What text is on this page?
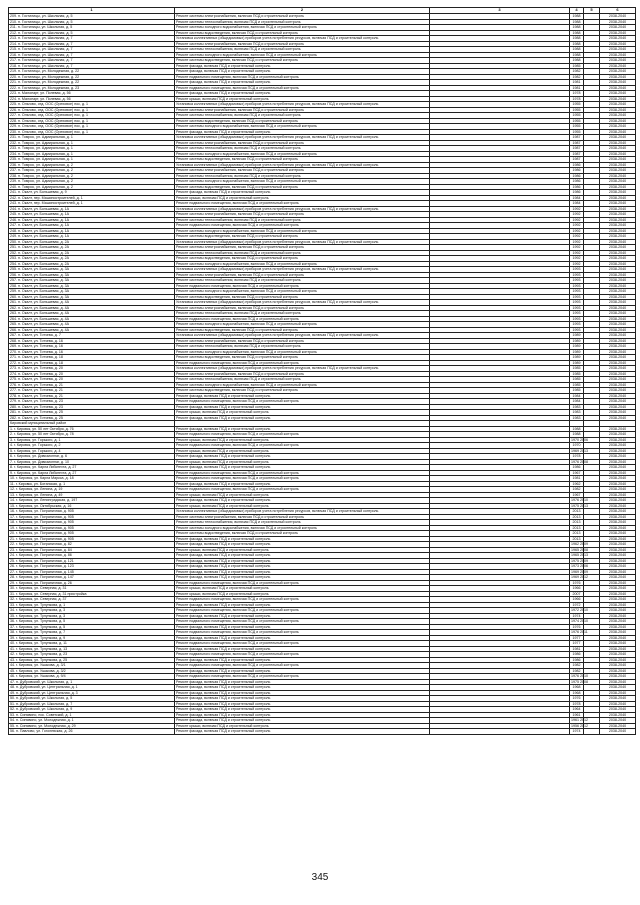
1	2	3	4	5	6
209. п. Гостилицы, ул. Школьная, д. 5	Ремонт системы электроснабжения, включая ПСД и строительный контроль		1988		2038-2040
210. п. Гостилицы, ул. Школьная, д. 5	Ремонт системы теплоснабжения, включая ПСД и строительный контроль		1988		2038-2040
211. п. Гостилицы, ул. Школьная, д. 5	Ремонт системы холодного водоснабжения, включая ПСД и строительный контроль		1988		2038-2040
212. п. Гостилицы, ул. Школьная, д. 5	Ремонт системы водоотведения, включая ПСД и строительный контроль		1988		2038-2040
213. п. Гостилицы, ул. Школьная, д. 7	Установка коллективных (общедомовых) приборов учета потребления ресурсов, включая ПСД и строительный контроль		1988		2038-2040
214. п. Гостилицы, ул. Школьная, д. 7	Ремонт системы электроснабжения, включая ПСД и строительный контроль		1988		2038-2040
215. п. Гостилицы, ул. Школьная, д. 7	Ремонт системы теплоснабжения, включая ПСД и строительный контроль		1988		2038-2040
216. п. Гостилицы, ул. Школьная, д. 7	Ремонт системы холодного водоснабжения, включая ПСД и строительный контроль		1988		2038-2040
217. п. Гостилицы, ул. Школьная, д. 7	Ремонт системы водоотведения, включая ПСД и строительный контроль		1988		2038-2040
218. п. Гостилицы, ул. Школьная, д. 7	Ремонт фасада, включая ПСД и строительный контроль		1985		2038-2040
219. п. Гостилицы, ул. Молодежная, д. 22	Ремонт фасада, включая ПСД и строительный контроль		1982		2038-2040
220. п. Гостилицы, ул. Молодежная, д. 22	Ремонт подвального помещения, включая ПСД и строительный контроль		1982		2038-2040
221. п. Гостилицы, ул. Молодежная, д. 22	Ремонт фасада, включая ПСД и строительный контроль		1981		2038-2040
222. п. Гостилицы, ул. Молодежная, д. 23	Ремонт подвального помещения, включая ПСД и строительный контроль		1981		2038-2040
223. п. Малоеарт, ул. Полевая, д. 56	Ремонт фасада, включая ПСД и строительный контроль		1978		2038-2040
224. п. Малоеарт, ул. Полевая, д. 56	Ремонт крыши, включая ПСД и строительный контроль		1978		2038-2040
225. п. Ольгово, отд. ООС (Ореховое) пос, д. 1	Установка коллективных (общедомовых) приборов учета потребления ресурсов, включая ПСД и строительный контроль		1955		2038-2040
226. п. Ольгово, отд. ООС (Ореховое) пос, д. 1	Ремонт системы электроснабжения, включая ПСД и строительный контроль		1955		2038-2040
227. п. Ольгово, отд. ООС (Ореховое) пос, д. 1	Ремонт системы теплоснабжения, включая ПСД и строительный контроль		1955		2038-2040
228. п. Ольгово, отд. ООС (Ореховое) пос, д. 1	Ремонт системы водоотведения, включая ПСД и строительный контроль		1955		2038-2040
229. п. Ольгово, отд. ООС (Ореховое) пос, д. 1	Ремонт системы холодного водоснабжения, включая ПСД и строительный контроль		1955		2038-2040
230. п. Ольгово, отд. ООС (Ореховое) пос, д. 1	Ремонт фасада, включая ПСД и строительный контроль		1955		2038-2040
231. п. Томрос, ул. Адмиральная, д. 1	Установка коллективных (общедомовых) приборов учета потребления ресурсов, включая ПСД и строительный контроль		1987		2038-2040
232. п. Томрос, ул. Адмиральная, д. 1	Ремонт системы электроснабжения, включая ПСД и строительный контроль		1987		2038-2040
233. п. Томрос, ул. Адмиральная, д. 1	Ремонт системы теплоснабжения, включая ПСД и строительный контроль		1987		2038-2040
234. п. Томрос, ул. Адмиральная, д. 1	Ремонт системы холодного водоснабжения, включая ПСД и строительный контроль		1987		2038-2040
235. п. Томрос, ул. Адмиральная, д. 1	Ремонт системы водоотведения, включая ПСД и строительный контроль		1987		2038-2040
236. п. Томрос, ул. Адмиральная, д. 2	Установка коллективных (общедомовых) приборов учета потребления ресурсов, включая ПСД и строительный контроль		1986		2038-2040
237. п. Томрос, ул. Адмиральная, д. 2	Ремонт системы электроснабжения, включая ПСД и строительный контроль		1986		2038-2040
238. п. Томрос, ул. Адмиральная, д. 2	Ремонт системы теплоснабжения, включая ПСД и строительный контроль		1986		2038-2040
239. п. Томрос, ул. Адмиральная, д. 2	Ремонт системы холодного водоснабжения, включая ПСД и строительный контроль		1986		2038-2040
240. п. Томрос, ул. Адмиральная, д. 2	Ремонт системы водоотведения, включая ПСД и строительный контроль		1986		2038-2040
241. п. Окалт, ул. Большевая, д. 9	Ремонт фасада, включая ПСД и строительный контроль		1986		2038-2040
242. п. Окалт, пер. Машиностроителей, д. 1	Ремонт крыши, включая ПСД и строительный контроль		1984		2038-2040
243. п. Окалт, пер. Машиностроителей, д. 1	Ремонт подвального помещения, включая ПСД и строительный контроль		1984		2038-2040
244. п. Окалт, ул. Большевая, д. 1А	Установка коллективных (общедомовых) приборов учета потребления ресурсов, включая ПСД и строительный контроль		1992		2038-2040
245. п. Окалт, ул. Большевая, д. 1А	Ремонт системы электроснабжения, включая ПСД и строительный контроль		1992		2038-2040
246. п. Окалт, ул. Большевая, д. 1А	Ремонт системы теплоснабжения, включая ПСД и строительный контроль		1992		2038-2040
247. п. Окалт, ул. Большевая, д. 1А	Ремонт подвального помещения, включая ПСД и строительный контроль		1992		2038-2040
248. п. Окалт, ул. Большевая, д. 1А	Ремонт системы холодного водоснабжения, включая ПСД и строительный контроль		1992		2038-2040
249. п. Окалт, ул. Большевая, д. 1А	Ремонт системы водоотведения, включая ПСД и строительный контроль		1992		2038-2040
250. п. Окалт, ул. Большевая, д. 2А	Установка коллективных (общедомовых) приборов учета потребления ресурсов, включая ПСД и строительный контроль		1992		2038-2040
251. п. Окалт, ул. Большевая, д. 2А	Ремонт системы электроснабжения, включая ПСД и строительный контроль		1992		2038-2040
252. п. Окалт, ул. Большевая, д. 2А	Ремонт системы теплоснабжения, включая ПСД и строительный контроль		1992		2038-2040
253. п. Окалт, ул. Большевая, д. 2А	Ремонт системы водоотведения, включая ПСД и строительный контроль		1992		2038-2040
254. п. Окалт, ул. Большевая, д. 2А	Ремонт системы холодного водоснабжения, включая ПСД и строительный контроль		1992		2038-2040
255. п. Окалт, ул. Большевая, д. 3А	Установка коллективных (общедомовых) приборов учета потребления ресурсов, включая ПСД и строительный контроль		1993		2038-2040
256. п. Окалт, ул. Большевая, д. 3А	Ремонт системы электроснабжения, включая ПСД и строительный контроль		1993		2038-2040
257. п. Окалт, ул. Большевая, д. 3А	Ремонт системы теплоснабжения, включая ПСД и строительный контроль		1993		2038-2040
258. п. Окалт, ул. Большевая, д. 3А	Ремонт подвального помещения, включая ПСД и строительный контроль		1993		2038-2040
259. п. Окалт, ул. Большевая, д. 3А	Ремонт системы холодного водоснабжения, включая ПСД и строительный контроль		1993		2038-2040
260. п. Окалт, ул. Большевая, д. 3А	Ремонт системы водоотведения, включая ПСД и строительный контроль		1993		2038-2040
261. п. Окалт, ул. Большевая, д. 4А	Установка коллективных (общедомовых) приборов учета потребления ресурсов, включая ПСД и строительный контроль		1993		2038-2040
262. п. Окалт, ул. Большевая, д. 4А	Ремонт системы электроснабжения, включая ПСД и строительный контроль		1993		2038-2040
263. п. Окалт, ул. Большевая, д. 4А	Ремонт системы теплоснабжения, включая ПСД и строительный контроль		1993		2038-2040
264. п. Окалт, ул. Большевая, д. 4А	Ремонт подвального помещения, включая ПСД и строительный контроль		1993		2038-2040
265. п. Окалт, ул. Большевая, д. 4А	Ремонт системы холодного водоснабжения, включая ПСД и строительный контроль		1993		2038-2040
266. п. Окалт, ул. Большевая, д. 4А	Ремонт системы водоотведения, включая ПСД и строительный контроль		1993		2038-2040
267. п. Окалт, ул. Тотчева, д. 7	Установка коллективных (общедомовых) приборов учета потребления ресурсов, включая ПСД и строительный контроль		1989		2038-2040
268. п. Окалт, ул. Тотчева, д. 16	Ремонт системы электроснабжения, включая ПСД и строительный контроль		1989		2038-2040
269. п. Окалт, ул. Тотчева, д. 16	Ремонт системы теплоснабжения, включая ПСД и строительный контроль		1989		2038-2040
270. п. Окалт, ул. Тотчева, д. 16	Ремонт системы холодного водоснабжения, включая ПСД и строительный контроль		1989		2038-2040
271. п. Окалт, ул. Тотчева, д. 18	Ремонт системы водоотведения, включая ПСД и строительный контроль		1989		2038-2040
272. п. Окалт, ул. Тотчева, д. 18	Ремонт подвального помещения, включая ПСД и строительный контроль		1989		2038-2040
273. п. Окалт, ул. Тотчева, д. 20	Установка коллективных (общедомовых) приборов учета потребления ресурсов, включая ПСД и строительный контроль		1985		2038-2040
274. п. Окалт, ул. Тотчева, д. 20	Ремонт системы электроснабжения, включая ПСД и строительный контроль		1985		2038-2040
275. п. Окалт, ул. Тотчева, д. 20	Ремонт системы теплоснабжения, включая ПСД и строительный контроль		1985		2038-2040
276. п. Окалт, ул. Тотчева, д. 21	Ремонт системы холодного водоснабжения, включая ПСД и строительный контроль		1985		2038-2040
277. п. Окалт, ул. Тотчева, д. 21	Ремонт системы водоотведения, включая ПСД и строительный контроль		1985		2038-2040
278. п. Окалт, ул. Тотчева, д. 21	Ремонт фасада, включая ПСД и строительный контроль		1984		2038-2040
279. п. Окалт, ул. Тотчева, д. 23	Ремонт подвального помещения, включая ПСД и строительный контроль		1984		2038-2040
280. п. Окалт, ул. Тотчева, д. 23	Ремонт фасада, включая ПСД и строительный контроль		1983		2038-2040
281. п. Окалт, ул. Тотчева, д. 25	Ремонт крыши, включая ПСД и строительный контроль		1983		2038-2040
282. п. Окалт, ул. Тотчева, д. 25	Ремонт фасада, включая ПСД и строительный контроль		1983		2038-2040
Кировский муниципальный район					
1. г. Кировск, ул. 50 лет Октября, д. 76	Ремонт фасада, включая ПСД и строительный контроль		1988		2038-2040
2. г. Кировск, ул. 50 лет Октября, д. 78	Ремонт подвального помещения, включая ПСД и строительный контроль		1988		2038-2040
3. г. Кировск, ул. Горького, д. 1	Ремонт крыши, включая ПСД и строительный контроль		1970 2006		2038-2040
4. г. Кировск, ул. Горького, д. 2	Ремонт подвального помещения, включая ПСД и строительный контроль		1970		2038-2040
5. г. Кировск, ул. Горького, д. 4	Ремонт крыши, включая ПСД и строительный контроль		1969 2013		2038-2040
6. г. Кировск, ул. Дивизионнаг, д. 6	Ремонт фасада, включая ПСД и строительный контроль		1978		2038-2040
7. г. Кировск, ул. Дивизионнаг, д. 10	Ремонт крыши, включая ПСД и строительный контроль		1976 2008		2038-2040
8. г. Кировск, ул. Карла Либкнехта, д. 27	Ремонт фасада, включая ПСД и строительный контроль		1986		2038-2040
9. г. Кировск, ул. Карла Либкнехта, д. 27	Ремонт подвального помещения, включая ПСД и строительный контроль		1967		2038-2040
10. г. Кировск, ул. Карла Маркса, д. 18	Ремонт подвального помещения, включая ПСД и строительный контроль		1981		2038-2040
11. г. Кировск, ул. Ботанская, д. 1	Ремонт фасада, включая ПСД и строительный контроль		1962		2038-2040
12. г. Кировск, ул. Ленина, д. 19	Ремонт подвального помещения, включая ПСД и строительный контроль		1982		2038-2040
13. г. Кировск, ул. Ленина, д. 49	Ремонт крыши, включая ПСД и строительный контроль		1967		2038-2040
14. г. Кировск, ул. Ленинградская, д. 197	Ремонт фасада, включая ПСД и строительный контроль		1976 2010		2038-2040
15. г. Кировск, ул. Октябрьская, д. 16	Ремонт крыши, включая ПСД и строительный контроль		1975 2013		2038-2040
16. г. Кировск, ул. Пограничная, д. 905	Установка коллективных (общедомовых) приборов учета потребления ресурсов, включая ПСД и строительный контроль		2013		2038-2040
17. г. Кировск, ул. Пограничная, д. 905	Ремонт системы электроснабжения, включая ПСД и строительный контроль		2013		2038-2040
18. г. Кировск, ул. Пограничная, д. 905	Ремонт системы теплоснабжения, включая ПСД и строительный контроль		2013		2038-2040
19. г. Кировск, ул. Пограничная, д. 905	Ремонт системы холодного водоснабжения, включая ПСД и строительный контроль		2013		2038-2040
20. г. Кировск, ул. Пограничная, д. 905	Ремонт системы водоотведения, включая ПСД и строительный контроль		2013		2038-2040
21. г. Кировск, ул. Пограничная, д. 905	Ремонт фасада, включая ПСД и строительный контроль		2013		2038-2040
22. г. Кировск, ул. Пограничная, д. 82	Ремонт фасада, включая ПСД и строительный контроль		1962 2009		2038-2040
23. г. Кировск, ул. Пограничная, д. 84	Ремонт крыши, включая ПСД и строительный контроль		1965 2008		2038-2040
24. г. Кировск, ул. Пограничная, д. 86	Ремонт фасада, включая ПСД и строительный контроль		1965 2013		2038-2040
25. г. Кировск, ул. Пограничная, д. 121	Ремонт фасада, включая ПСД и строительный контроль		1975 2009		2038-2040
26. г. Кировск, ул. Пограничная, д. 123	Ремонт фасада, включая ПСД и строительный контроль		1973 2006		2038-2040
27. г. Кировск, ул. Пограничная, д. 145	Ремонт фасада, включая ПСД и строительный контроль		1969 2009		2038-2040
28. г. Кировск, ул. Пограничная, д. 147	Ремонт фасада, включая ПСД и строительный контроль		1969 2012		2038-2040
29. г. Кировск, ул. Пограничная, д. 26	Ремонт подвального помещения, включая ПСД и строительный контроль		1976		2038-2040
30. г. Кировск, ул. Северная, д. 31	Ремонт крыши, включая ПСД и строительный контроль		1966		2038-2040
31. г. Кировск, ул. Северная, д. 31 пристройка	Ремонт крыши, включая ПСД и строительный контроль		2007		2038-2040
32. г. Кировск, ул. Северная, д. 37	Ремонт подвального помещения, включая ПСД и строительный контроль		1966		2038-2040
33. г. Кировск, ул. Тулункова, д. 1	Ремонт фасада, включая ПСД и строительный контроль		1972		2038-2040
34. г. Кировск, ул. Тулункова, д. 3	Ремонт подвального помещения, включая ПСД и строительный контроль		1972 2010		2038-2040
35. г. Кировск, ул. Тулункова, д. 3	Ремонт фасада, включая ПСД и строительный контроль		1974		2038-2040
36. г. Кировск, ул. Тулункова, д. 5	Ремонт подвального помещения, включая ПСД и строительный контроль		1974 2010		2038-2040
37. г. Кировск, ул. Тулункова, д. 5	Ремонт фасада, включая ПСД и строительный контроль		1976		2038-2040
38. г. Кировск, ул. Тулункова, д. 7	Ремонт подвального помещения, включая ПСД и строительный контроль		1976 2011		2038-2040
39. г. Кировск, ул. Тулункова, д. 9	Ремонт фасада, включая ПСД и строительный контроль		1977		2038-2040
40. г. Кировск, ул. Тулункова, д. 11	Ремонт подвального помещения, включая ПСД и строительный контроль		1977		2038-2040
41. г. Кировск, ул. Тулункова, д. 13	Ремонт фасада, включая ПСД и строительный контроль		1981		2038-2040
42. г. Кировск, ул. Тулункова, д. 23	Ремонт подвального помещения, включая ПСД и строительный контроль		1986		2038-2040
43. г. Кировск, ул. Тулункова, д. 25	Ремонт фасада, включая ПСД и строительный контроль		1986		2038-2040
44. г. Кировск, ул. Ушакова, д. 3/1	Ремонт подвального помещения, включая ПСД и строительный контроль		1982		2038-2040
45. г. Кировск, ул. Ушакова, д. 3/2	Ремонт фасада, включая ПСД и строительный контроль		1982		2038-2040
46. г. Кировск, ул. Ушакова, д. 9/4	Ремонт подвального помещения, включая ПСД и строительный контроль		1976 2010		2038-2040
47. п. Дубровский, ул. Школьная, д. 1	Ремонт фасада, включая ПСД и строительный контроль		1975 2008		2038-2040
48. п. Дубровский, ул. Центральная, д. 1	Ремонт фасада, включая ПСД и строительный контроль		1968		2038-2040
49. п. Дубровский, ул. Центральная, д. 3	Ремонт фасада, включая ПСД и строительный контроль		1968		2038-2040
50. п. Дубровский, ул. Школьная, д. 5	Ремонт фасада, включая ПСД и строительный контроль		1976		2038-2040
51. п. Дубровский, ул. Школьная, д. 7	Ремонт фасада, включая ПСД и строительный контроль		1978		2038-2040
52. п. Дубровский, ул. Школьная, д. 9	Ремонт фасада, включая ПСД и строительный контроль		1964		2038-2040
53. п. Синявино, пос. Советский, д. 1	Ремонт фасада, включая ПСД и строительный контроль		1961		2038-2040
54. п. Синявино, ул. Молодежная, д. 1	Ремонт фасада, включая ПСД и строительный контроль		1961 2012		2038-2040
55. п. Синявино, ул. Молодежная, д. 29	Ремонт крыши, включая ПСД и строительный контроль		1956 2012		2038-2040
56. п. Павлово, ул. Гоголевская, д. 26	Ремонт фасада, включая ПСД и строительный контроль		1974		2038-2040
345
